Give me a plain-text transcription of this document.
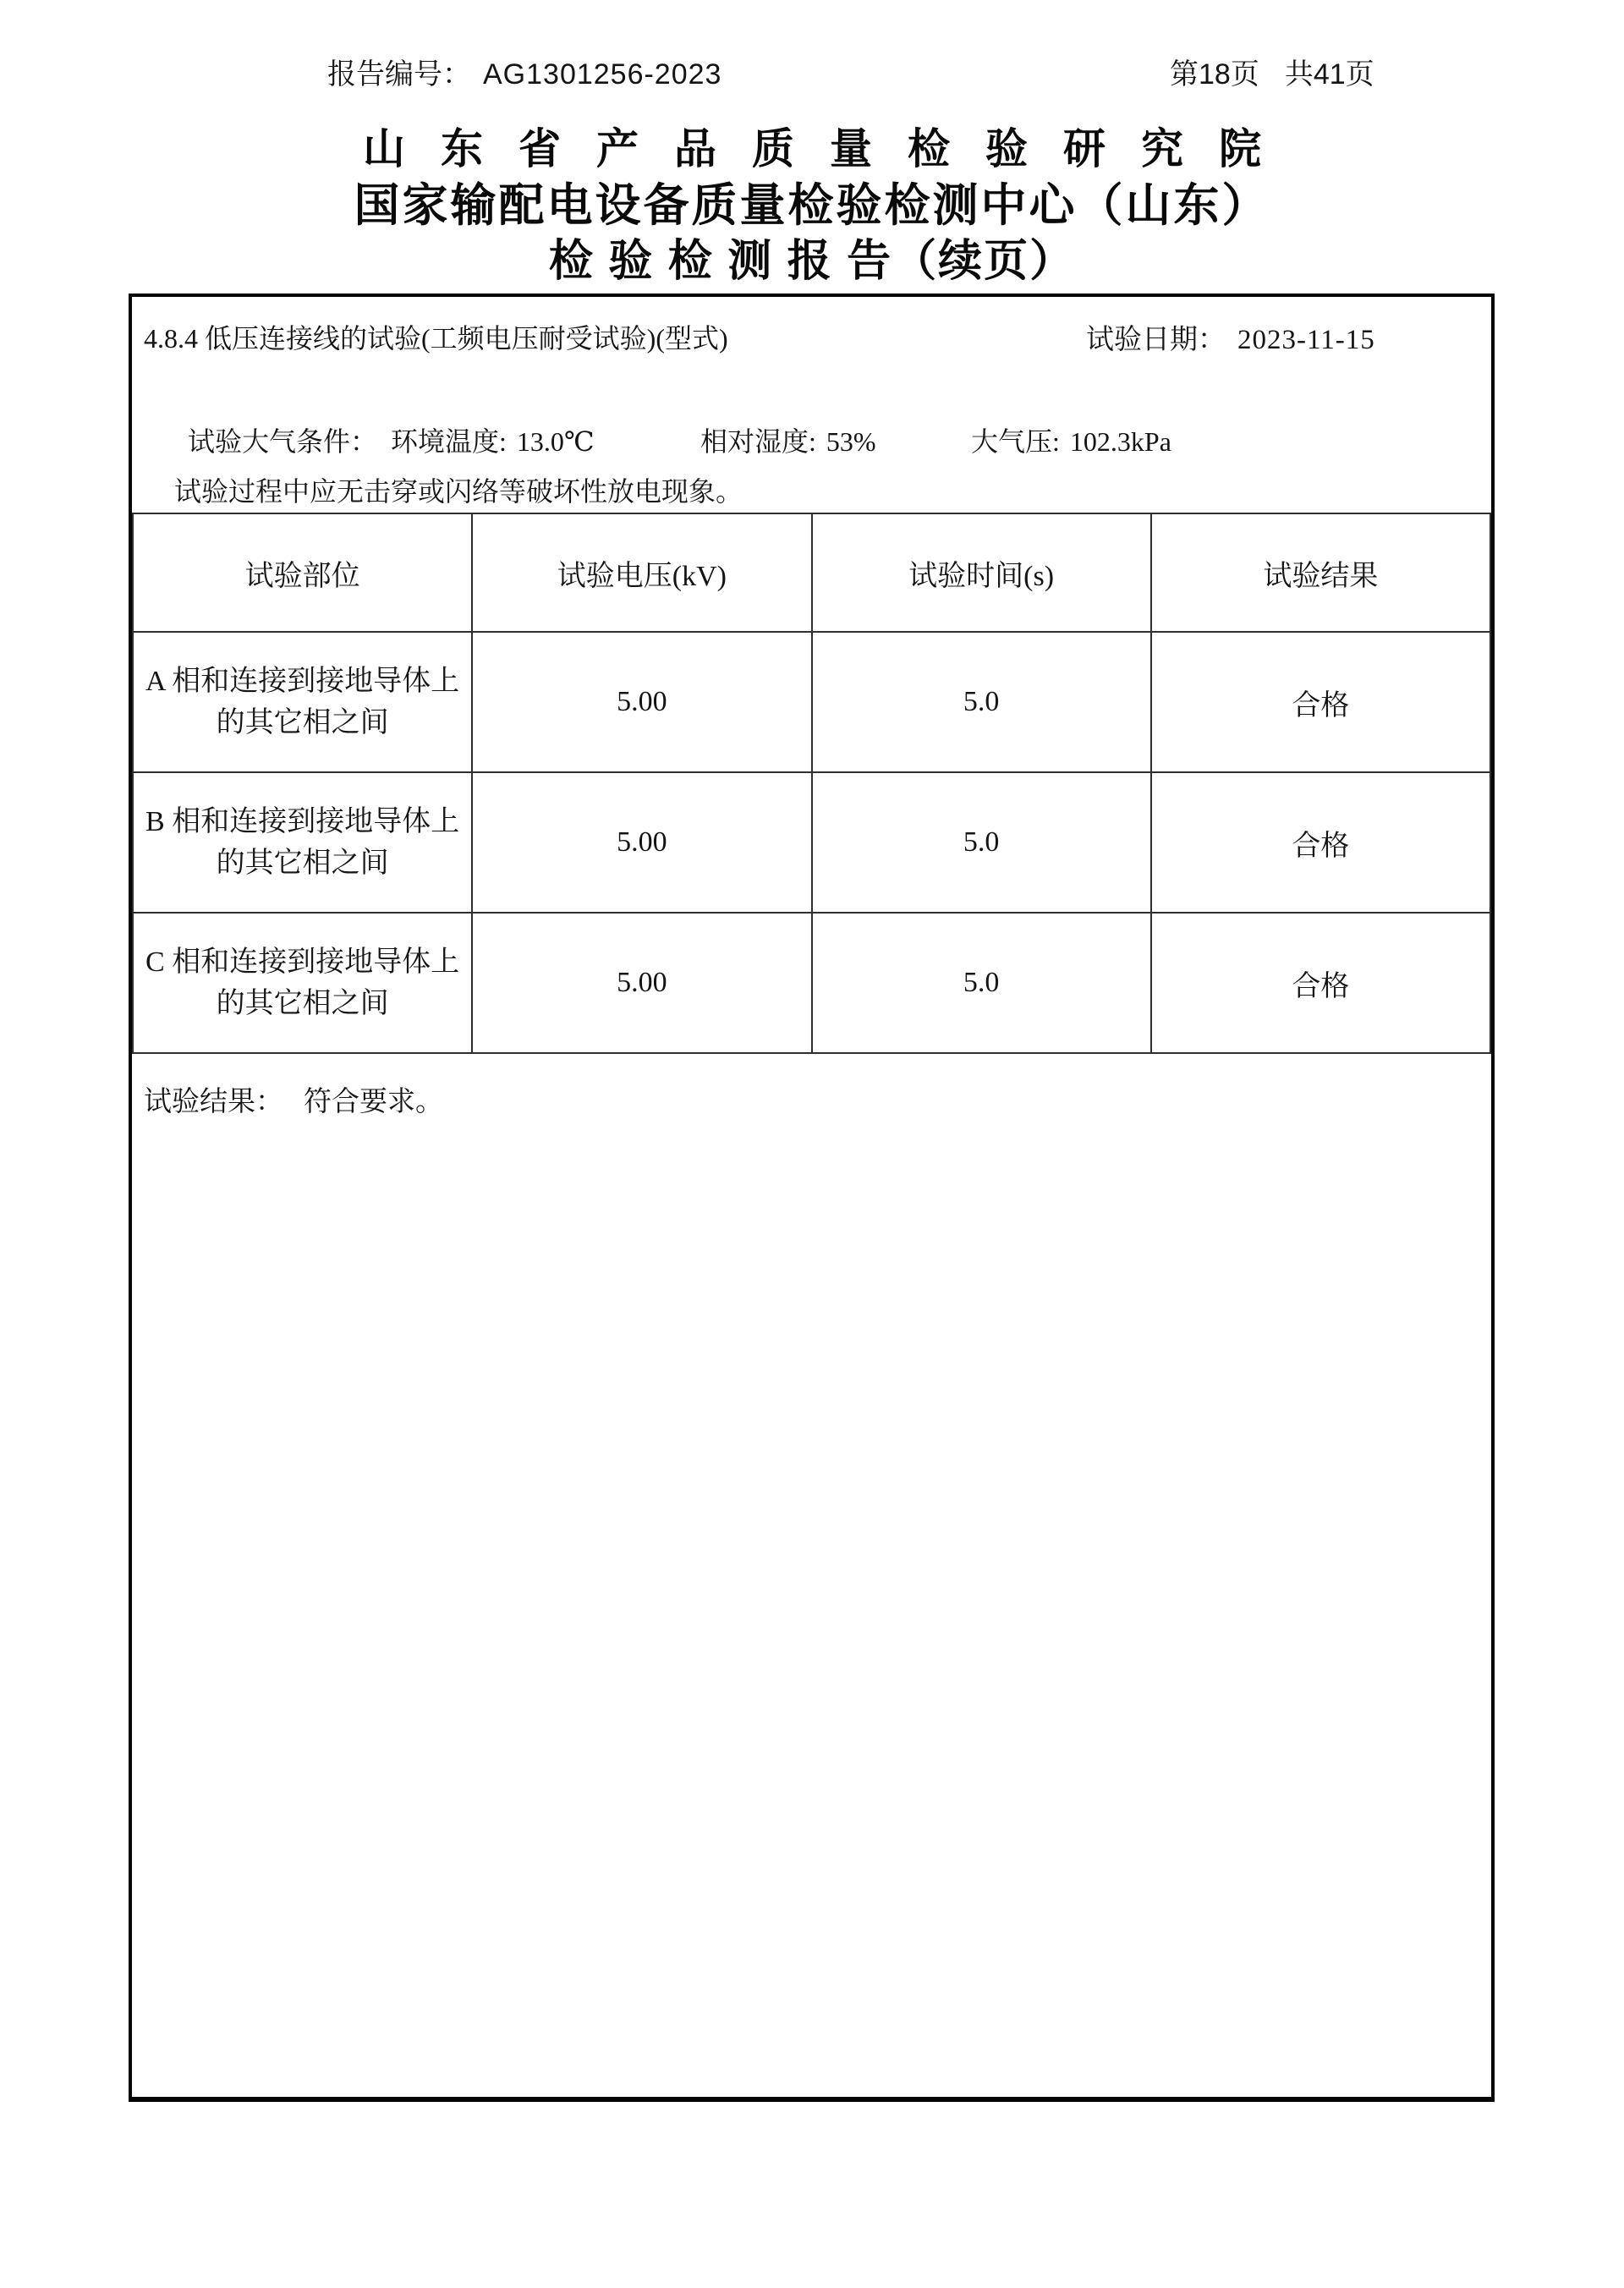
报告编号： AG1301256-2023	第18页 共41页
山东省产品质量检验研究院
国家输配电设备质量检验检测中心（山东）
检 验 检 测 报 告（续页）
4.8.4 低压连接线的试验(工频电压耐受试验)(型式)	试验日期： 2023-11-15
试验大气条件： 环境温度: 13.0℃	相对湿度: 53%	大气压: 102.3kPa
试验过程中应无击穿或闪络等破坏性放电现象。
试验部位	试验电压(kV)	试验时间(s)	试验结果

A 相和连接到接地导体上
的其它相之间	5.00	5.0	合格

B 相和连接到接地导体上
的其它相之间	5.00	5.0	合格

C 相和连接到接地导体上
的其它相之间	5.00	5.0	合格
试验结果： 符合要求。
